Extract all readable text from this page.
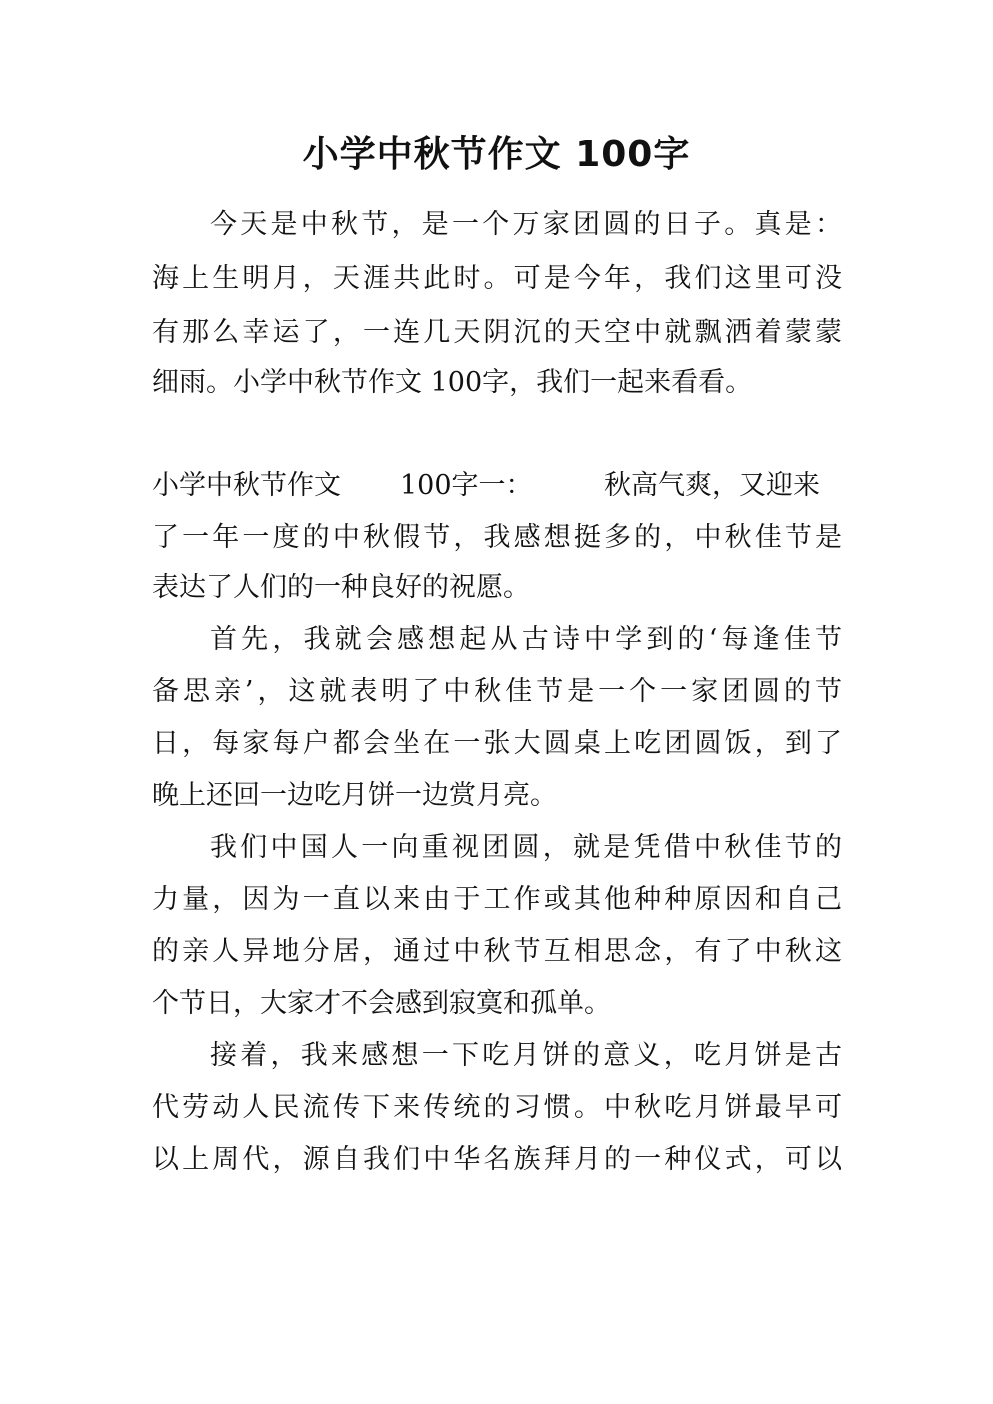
小学中秋节作文 100字
今天是中秋节，是一个万家团圆的日子。真是：
海上生明月，天涯共此时。可是今年，我们这里可没
有那么幸运了，一连几天阴沉的天空中就飘洒着蒙蒙
细雨。小学中秋节作文 100字，我们一起来看看。
小学中秋节作文 100字一：	秋高气爽，又迎来
了一年一度的中秋假节，我感想挺多的，中秋佳节是
表达了人们的一种良好的祝愿。
首先，我就会感想起从古诗中学到的‘每逢佳节
备思亲’，这就表明了中秋佳节是一个一家团圆的节
日，每家每户都会坐在一张大圆桌上吃团圆饭，到了
晚上还回一边吃月饼一边赏月亮。
我们中国人一向重视团圆，就是凭借中秋佳节的
力量，因为一直以来由于工作或其他种种原因和自己
的亲人异地分居，通过中秋节互相思念，有了中秋这
个节日，大家才不会感到寂寞和孤单。
接着，我来感想一下吃月饼的意义，吃月饼是古
代劳动人民流传下来传统的习惯。中秋吃月饼最早可
以上周代，源自我们中华名族拜月的一种仪式，可以
